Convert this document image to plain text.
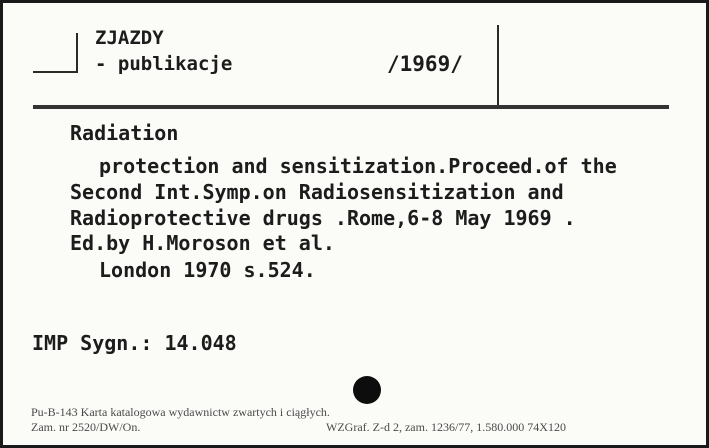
ZJAZDY

- publikacje	/1969/

Radiation

protection and sensitization.Proceed.of the

Second Int.Symp.on Radiosensitization and

Radioprotective drugs .Rome,6-8 May 1969 .

Ed.by H.Moroson et al.

London 1970 s.524.

IMP Sygn.: 14.048

Pu-B-143 Karta katalogowa wydawnictw zwartych i ciągłych.

Zam. nr 2520/DW/On.	WZGraf. Z-d 2, zam. 1236/77, 1.580.000 74X120
